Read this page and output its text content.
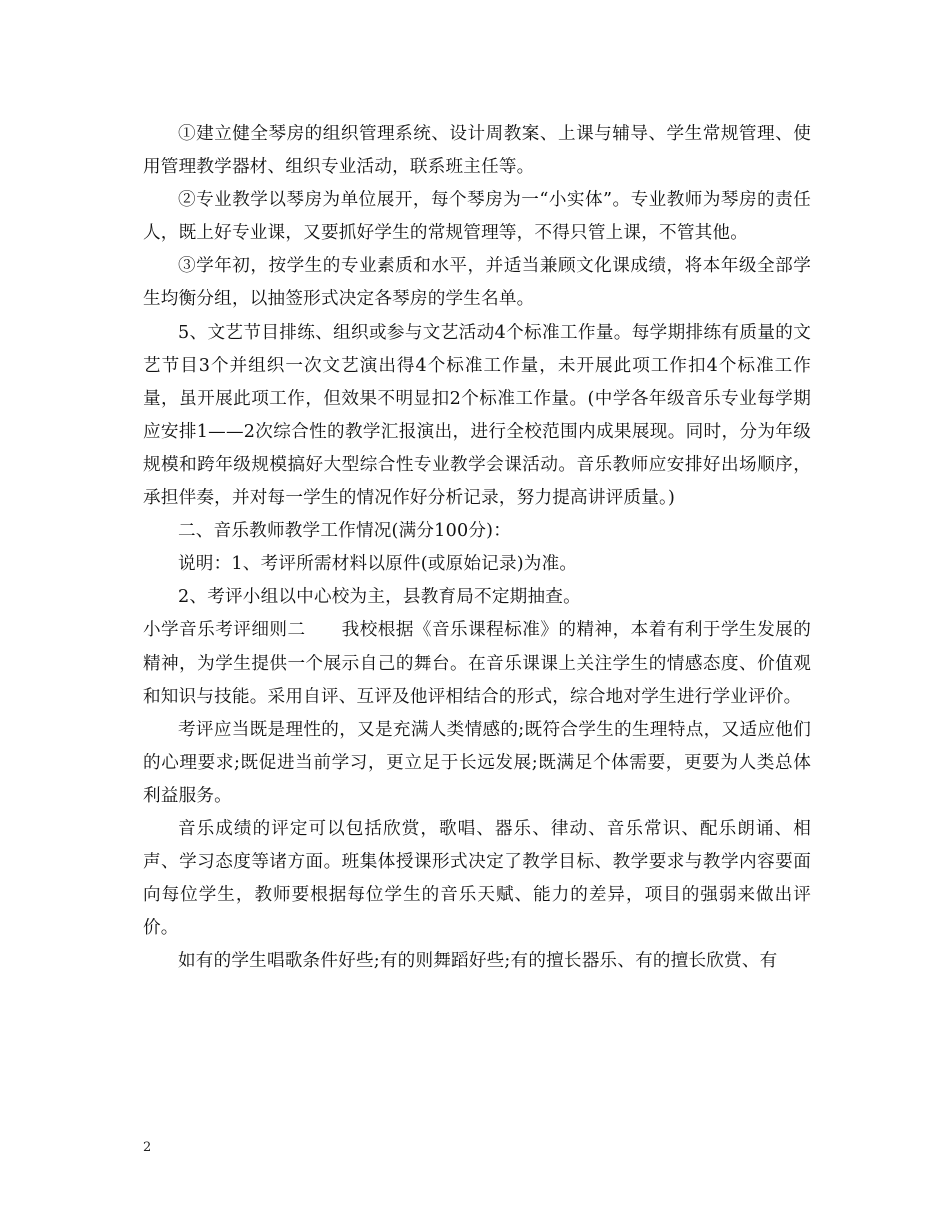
①建立健全琴房的组织管理系统、设计周教案、上课与辅导、学生常规管理、使用管理教学器材、组织专业活动，联系班主任等。

②专业教学以琴房为单位展开，每个琴房为一“小实体”。专业教师为琴房的责任人，既上好专业课，又要抓好学生的常规管理等，不得只管上课，不管其他。

③学年初，按学生的专业素质和水平，并适当兼顾文化课成绩，将本年级全部学生均衡分组，以抽签形式决定各琴房的学生名单。

5、文艺节目排练、组织或参与文艺活动4个标准工作量。每学期排练有质量的文艺节目3个并组织一次文艺演出得4个标准工作量，未开展此项工作扣4个标准工作量，虽开展此项工作，但效果不明显扣2个标准工作量。(中学各年级音乐专业每学期应安排1——2次综合性的教学汇报演出，进行全校范围内成果展现。同时，分为年级规模和跨年级规模搞好大型综合性专业教学会课活动。音乐教师应安排好出场顺序，承担伴奏，并对每一学生的情况作好分析记录，努力提高讲评质量。)

二、音乐教师教学工作情况(满分100分)：

说明：1、考评所需材料以原件(或原始记录)为准。

2、考评小组以中心校为主，县教育局不定期抽查。

小学音乐考评细则二　　我校根据《音乐课程标准》的精神，本着有利于学生发展的精神，为学生提供一个展示自己的舞台。在音乐课课上关注学生的情感态度、价值观和知识与技能。采用自评、互评及他评相结合的形式，综合地对学生进行学业评价。

考评应当既是理性的，又是充满人类情感的;既符合学生的生理特点，又适应他们的心理要求;既促进当前学习，更立足于长远发展;既满足个体需要，更要为人类总体利益服务。

音乐成绩的评定可以包括欣赏，歌唱、器乐、律动、音乐常识、配乐朗诵、相声、学习态度等诸方面。班集体授课形式决定了教学目标、教学要求与教学内容要面向每位学生，教师要根据每位学生的音乐天赋、能力的差异，项目的强弱来做出评价。

如有的学生唱歌条件好些;有的则舞蹈好些;有的擅长器乐、有的擅长欣赏、有

2
